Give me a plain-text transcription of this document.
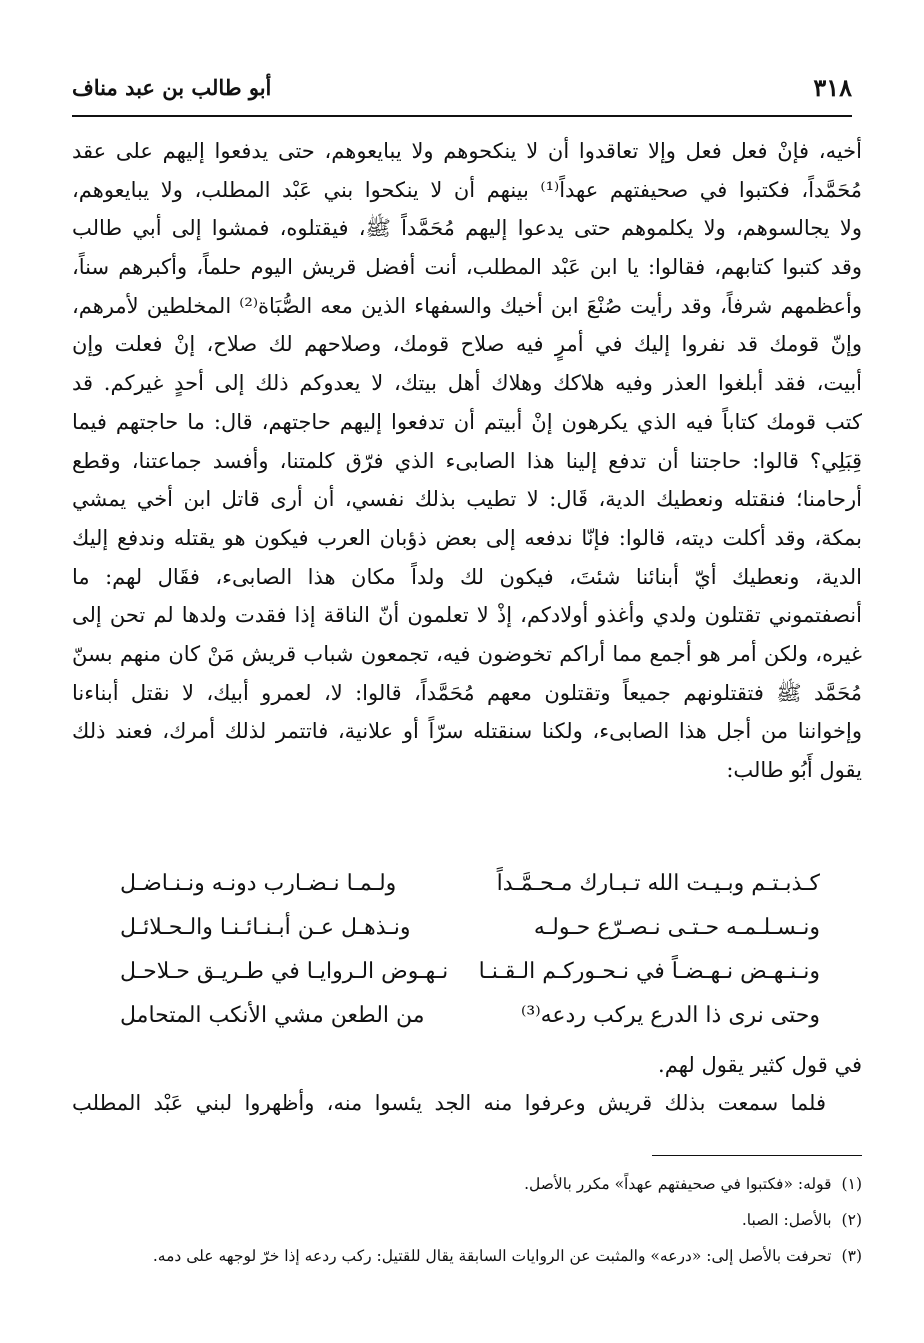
٣١٨
أبو طالب بن عبد مناف
أخيه، فإنْ فعل فعل وإلا تعاقدوا أن لا ينكحوهم ولا يبايعوهم، حتى يدفعوا إليهم على عقد
مُحَمَّداً، فكتبوا في صحيفتهم عهداً⁽¹⁾ بينهم أن لا ينكحوا بني عَبْد المطلب، ولا يبايعوهم،
ولا يجالسوهم، ولا يكلموهم حتى يدعوا إليهم مُحَمَّداً ﷺ، فيقتلوه، فمشوا إلى أبي طالب
وقد كتبوا كتابهم، فقالوا: يا ابن عَبْد المطلب، أنت أفضل قريش اليوم حلماً، وأكبرهم سناً،
وأعظمهم شرفاً، وقد رأيت صُنْعَ ابن أخيك والسفهاء الذين معه الصُّبَاة⁽²⁾ المخلطين لأمرهم،
وإنّ قومك قد نفروا إليك في أمرٍ فيه صلاح قومك، وصلاحهم لك صلاح، إنْ فعلت وإن
أبيت، فقد أبلغوا العذر وفيه هلاكك وهلاك أهل بيتك، لا يعدوكم ذلك إلى أحدٍ غيركم. قد
كتب قومك كتاباً فيه الذي يكرهون إنْ أبيتم أن تدفعوا إليهم حاجتهم، قال: ما حاجتهم فيما
قِبَلِي؟ قالوا: حاجتنا أن تدفع إلينا هذا الصابىء الذي فرّق كلمتنا، وأفسد جماعتنا، وقطع
أرحامنا؛ فنقتله ونعطيك الدية، قَال: لا تطيب بذلك نفسي، أن أرى قاتل ابن أخي يمشي
بمكة، وقد أكلت ديته، قالوا: فإنّا ندفعه إلى بعض ذؤبان العرب فيكون هو يقتله وندفع إليك
الدية، ونعطيك أيّ أبنائنا شئتَ، فيكون لك ولداً مكان هذا الصابىء، فقَال لهم: ما
أنصفتموني تقتلون ولدي وأغذو أولادكم، إذْ لا تعلمون أنّ الناقة إذا فقدت ولدها لم تحن إلى
غيره، ولكن أمر هو أجمع مما أراكم تخوضون فيه، تجمعون شباب قريش مَنْ كان منهم بسنّ
مُحَمَّد ﷺ فتقتلونهم جميعاً وتقتلون معهم مُحَمَّداً، قالوا: لا، لعمرو أبيك، لا نقتل أبناءنا
وإخواننا من أجل هذا الصابىء، ولكنا سنقتله سرّاً أو علانية، فاتتمر لذلك أمرك، فعند ذلك
يقول أَبُو طالب:
كـذبـتـم وبـيـت الله تـبـارك مـحـمَّـداً
ولـمـا نـضـارب دونـه ونـنـاضـل
ونـسـلـمـه حـتـى نـصـرّع حـولـه
ونـذهـل عـن أبـنـائـنـا والـحـلائـل
ونـنـهـض نـهـضـاً في نـحـوركـم الـقـنـا
نـهـوض الـروايـا في طـريـق حـلاحـل
وحتى نرى ذا الدرع يركب ردعه⁽³⁾
من الطعن مشي الأنكب المتحامل
في قول كثير يقول لهم.
فلما سمعت بذلك قريش وعرفوا منه الجد يئسوا منه، وأظهروا لبني عَبْد المطلب
(١)قوله: «فكتبوا في صحيفتهم عهداً» مكرر بالأصل.
(٢)بالأصل: الصبا.
(٣)تحرفت بالأصل إلى: «درعه» والمثبت عن الروايات السابقة يقال للقتيل: ركب ردعه إذا خرّ لوجهه على دمه.
